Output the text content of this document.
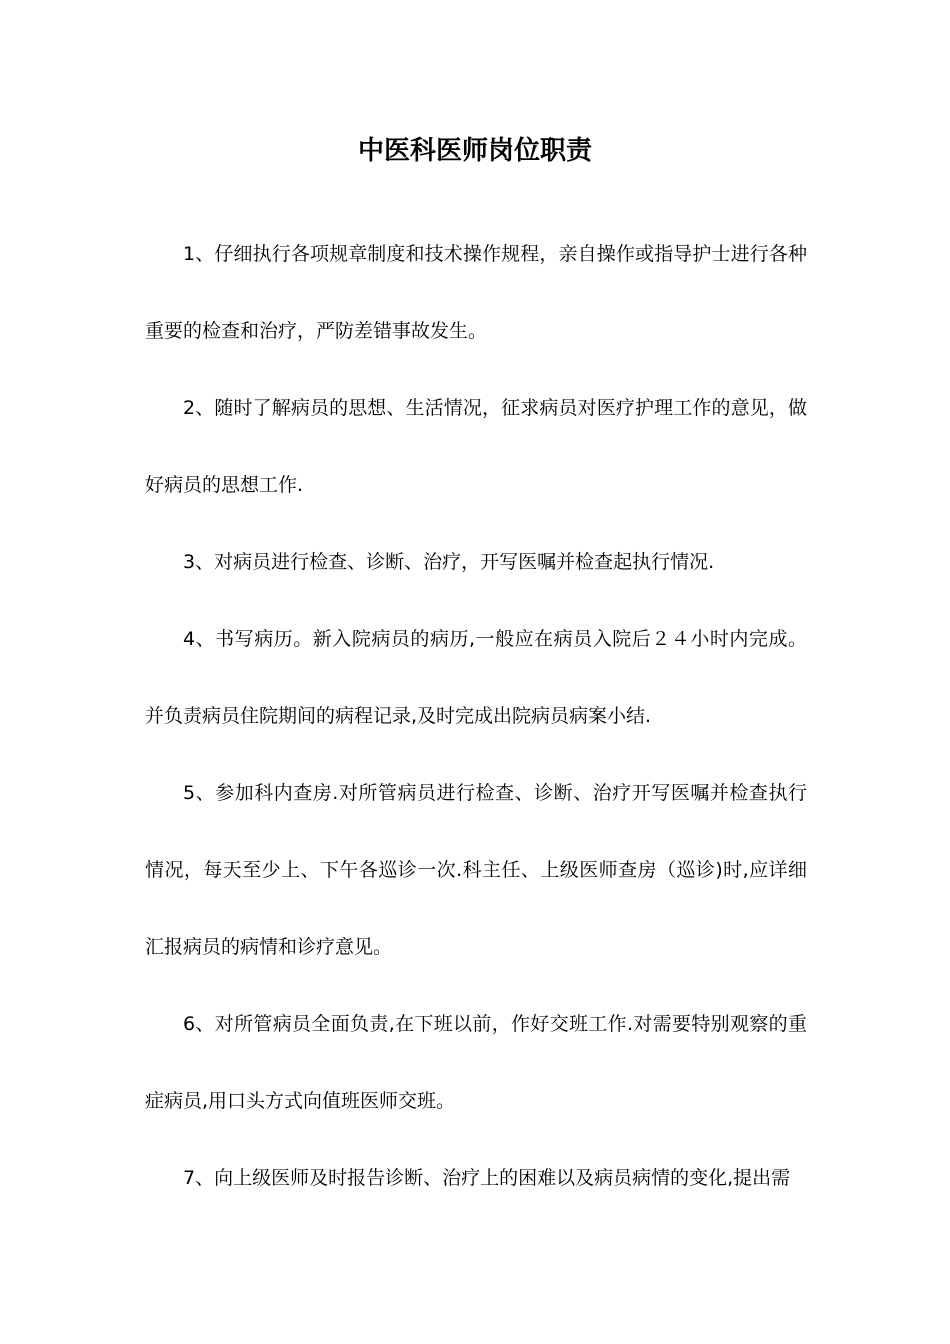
中医科医师岗位职责

1、仔细执行各项规章制度和技术操作规程，亲自操作或指导护士进行各种重要的检查和治疗，严防差错事故发生。

2、随时了解病员的思想、生活情况，征求病员对医疗护理工作的意见，做好病员的思想工作.

3、对病员进行检查、诊断、治疗，开写医嘱并检查起执行情况.

4、书写病历。新入院病员的病历,一般应在病员入院后２４小时内完成。并负责病员住院期间的病程记录,及时完成出院病员病案小结.

5、参加科内查房.对所管病员进行检查、诊断、治疗开写医嘱并检查执行情况，每天至少上、下午各巡诊一次.科主任、上级医师查房（巡诊)时,应详细汇报病员的病情和诊疗意见。

6、对所管病员全面负责,在下班以前，作好交班工作.对需要特别观察的重症病员,用口头方式向值班医师交班。

7、向上级医师及时报告诊断、治疗上的困难以及病员病情的变化,提出需
